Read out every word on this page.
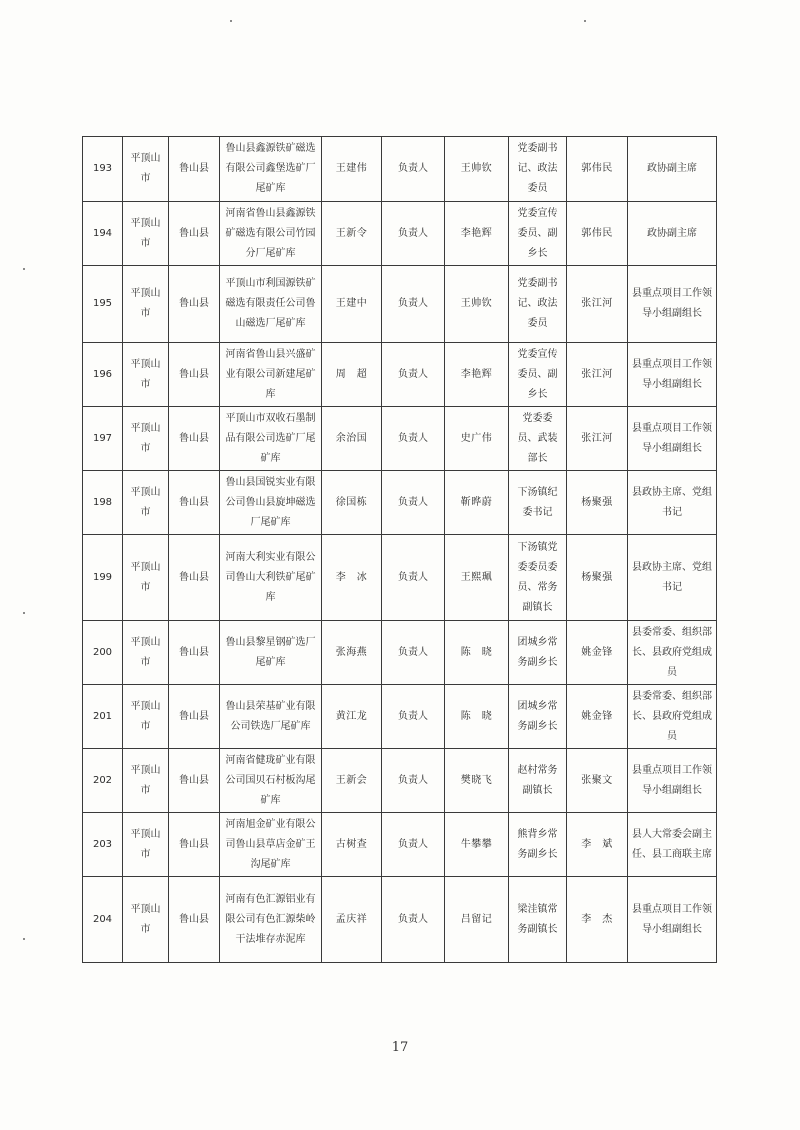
193	平顶山市	鲁山县	鲁山县鑫源铁矿磁选有限公司鑫堡选矿厂尾矿库	王建伟	负责人	王帅钦	党委副书记、政法委员	郭伟民	政协副主席
194	平顶山市	鲁山县	河南省鲁山县鑫源铁矿磁选有限公司竹园分厂尾矿库	王新令	负责人	李艳辉	党委宣传委员、副乡长	郭伟民	政协副主席
195	平顶山市	鲁山县	平顶山市利国源铁矿磁选有限责任公司鲁山磁选厂尾矿库	王建中	负责人	王帅钦	党委副书记、政法委员	张江河	县重点项目工作领导小组副组长
196	平顶山市	鲁山县	河南省鲁山县兴盛矿业有限公司新建尾矿库	周　超	负责人	李艳辉	党委宣传委员、副乡长	张江河	县重点项目工作领导小组副组长
197	平顶山市	鲁山县	平顶山市双收石墨制品有限公司选矿厂尾矿库	余治国	负责人	史广伟	党委委员、武装部长	张江河	县重点项目工作领导小组副组长
198	平顶山市	鲁山县	鲁山县国锐实业有限公司鲁山县旋坤磁选厂尾矿库	徐国栋	负责人	靳晔蔚	下汤镇纪委书记	杨聚强	县政协主席、党组书记
199	平顶山市	鲁山县	河南大利实业有限公司鲁山大利铁矿尾矿库	李　冰	负责人	王熙珮	下汤镇党委委员委员、常务副镇长	杨聚强	县政协主席、党组书记
200	平顶山市	鲁山县	鲁山县黎星钢矿选厂尾矿库	张海燕	负责人	陈　晓	团城乡常务副乡长	姚金锋	县委常委、组织部长、县政府党组成员
201	平顶山市	鲁山县	鲁山县荣基矿业有限公司铁选厂尾矿库	黄江龙	负责人	陈　晓	团城乡常务副乡长	姚金锋	县委常委、组织部长、县政府党组成员
202	平顶山市	鲁山县	河南省健珑矿业有限公司国贝石村板沟尾矿库	王新会	负责人	樊晓飞	赵村常务副镇长	张聚文	县重点项目工作领导小组副组长
203	平顶山市	鲁山县	河南旭金矿业有限公司鲁山县草店金矿王沟尾矿库	古树查	负责人	牛攀攀	熊背乡常务副乡长	李　斌	县人大常委会副主任、县工商联主席
204	平顶山市	鲁山县	河南有色汇源铝业有限公司有色汇源柴岭干法堆存赤泥库	孟庆祥	负责人	吕留记	梁洼镇常务副镇长	李　杰	县重点项目工作领导小组副组长
17
